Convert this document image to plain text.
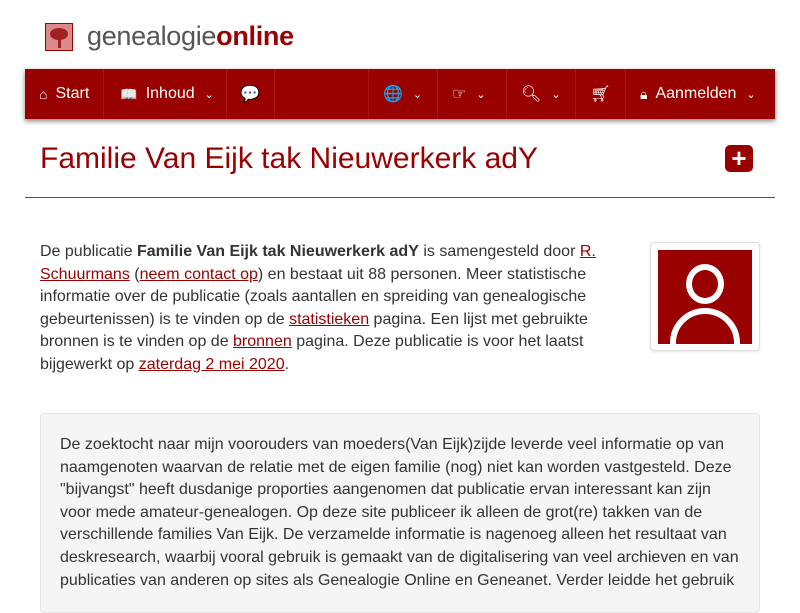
genealogieonline
⌂ Start 📖 Inhoud ⌄ 💬	🌐 ⌄ ☞ ⌄ 🔍︎ ⌄ 🛒︎ 🔒︎ Aanmelden ⌄
Familie Van Eijk tak Nieuwerkerk adY	+

De publicatie Familie Van Eijk tak Nieuwerkerk adY is samengesteld door R. Schuurmans (neem contact op) en bestaat uit 88 personen. Meer statistische informatie over de publicatie (zoals aantallen en spreiding van genealogische gebeurtenissen) is te vinden op de statistieken pagina. Een lijst met gebruikte bronnen is te vinden op de bronnen pagina. Deze publicatie is voor het laatst bijgewerkt op zaterdag 2 mei 2020.

De zoektocht naar mijn voorouders van moeders(Van Eijk)zijde leverde veel informatie op van naamgenoten waarvan de relatie met de eigen familie (nog) niet kan worden vastgesteld. Deze "bijvangst" heeft dusdanige proporties aangenomen dat publicatie ervan interessant kan zijn voor mede amateur-genealogen. Op deze site publiceer ik alleen de grot(re) takken van de verschillende families Van Eijk. De verzamelde informatie is nagenoeg alleen het resultaat van deskresearch, waarbij vooral gebruik is gemaakt van de digitalisering van veel archieven en van publicaties van anderen op sites als Genealogie Online en Geneanet. Verder leidde het gebruik
